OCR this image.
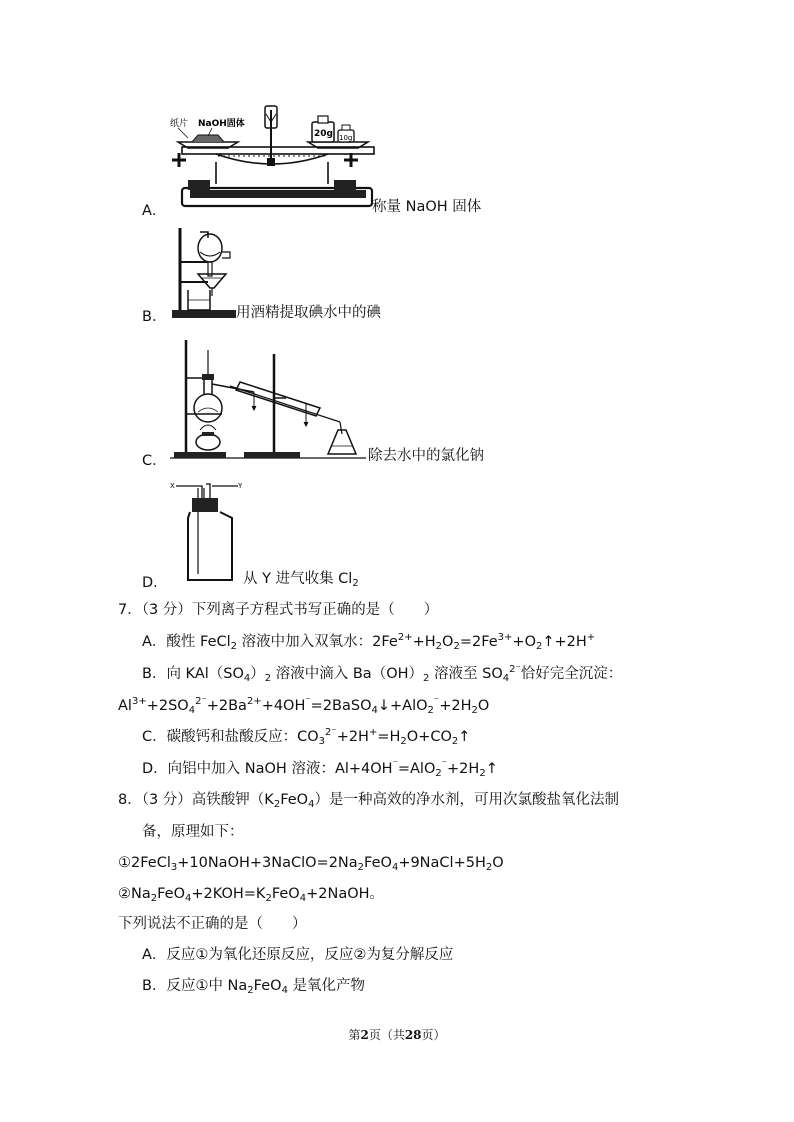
20g 10g
纸片 NaOH固体
A．	称量 NaOH 固体
B．	用酒精提取碘水中的碘
C．	除去水中的氯化钠
X	Y
D．	从 Y 进气收集 $Cl_2$
7．（3 分）下列离子方程式书写正确的是（　　）
A．酸性 FeCl$_2$ 溶液中加入双氧水：$2Fe^{2+}+H_2O_2=2Fe^{3+}+O_2↑+2H^+$
B．向 $KAl(SO_4)_2$ 溶液中滴入 $Ba(OH)_2$ 溶液至 $SO_4^{2^-}$恰好完全沉淀：
$Al^{3+}+2SO_4^{2^-}+2Ba^{2+}+4OH^{^-}=2BaSO_4↓+AlO_2^{^-}+2H_2O$
C．碳酸钙和盐酸反应：$CO_3^{2^-}+2H^+=H_2O+CO_2↑$
D．向铝中加入 NaOH 溶液：$Al+4OH^{^-}=AlO_2^{^-}+2H_2↑$
8．（3 分）高铁酸钾$(K_2FeO_4)$是一种高效的净水剂，可用次氯酸盐氧化法制
备，原理如下：
$①2FeCl_3+10NaOH+3NaClO=2Na_2FeO_4+9NaCl+5H_2O$
$②Na_2FeO_4+2KOH=K_2FeO_4+2NaOH$。
下列说法不正确的是（　　）
A．反应①为氧化还原反应，反应②为复分解反应
B．反应①中 $Na_2FeO_4$ 是氧化产物
第2页（共28页）
